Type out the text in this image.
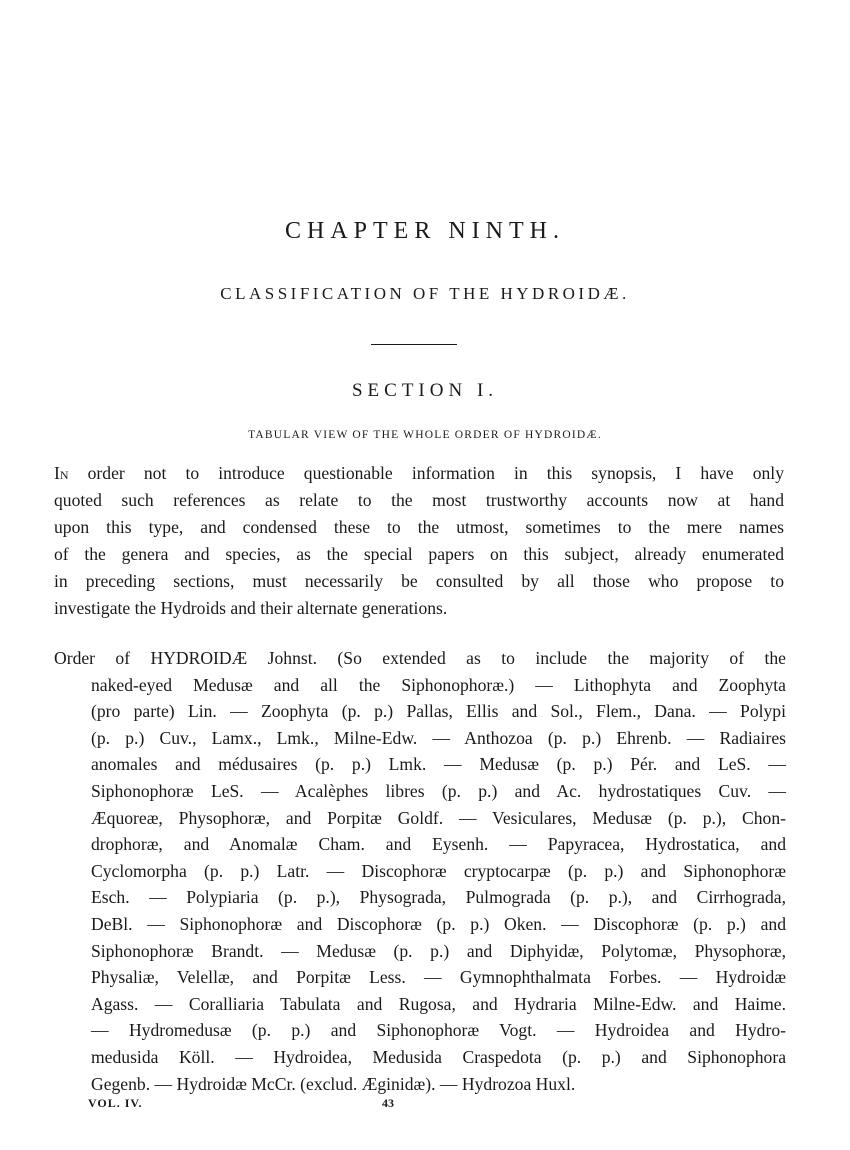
CHAPTER NINTH.
CLASSIFICATION OF THE HYDROIDÆ.
SECTION I.
TABULAR VIEW OF THE WHOLE ORDER OF HYDROIDÆ.
In order not to introduce questionable information in this synopsis, I have only
quoted such references as relate to the most trustworthy accounts now at hand
upon this type, and condensed these to the utmost, sometimes to the mere names
of the genera and species, as the special papers on this subject, already enumerated
in preceding sections, must necessarily be consulted by all those who propose to
investigate the Hydroids and their alternate generations.
Order of HYDROIDÆ Johnst. (So extended as to include the majority of the
naked-eyed Medusæ and all the Siphonophoræ.) — Lithophyta and Zoophyta
(pro parte) Lin. — Zoophyta (p. p.) Pallas, Ellis and Sol., Flem., Dana. — Polypi
(p. p.) Cuv., Lamx., Lmk., Milne-Edw. — Anthozoa (p. p.) Ehrenb. — Radiaires
anomales and médusaires (p. p.) Lmk. — Medusæ (p. p.) Pér. and LeS. —
Siphonophoræ LeS. — Acalèphes libres (p. p.) and Ac. hydrostatiques Cuv. —
Æquoreæ, Physophoræ, and Porpitæ Goldf. — Vesiculares, Medusæ (p. p.), Chon-
drophoræ, and Anomalæ Cham. and Eysenh. — Papyracea, Hydrostatica, and
Cyclomorpha (p. p.) Latr. — Discophoræ cryptocarpæ (p. p.) and Siphonophoræ
Esch. — Polypiaria (p. p.), Physograda, Pulmograda (p. p.), and Cirrhograda,
DeBl. — Siphonophoræ and Discophoræ (p. p.) Oken. — Discophoræ (p. p.) and
Siphonophoræ Brandt. — Medusæ (p. p.) and Diphyidæ, Polytomæ, Physophoræ,
Physaliæ, Velellæ, and Porpitæ Less. — Gymnophthalmata Forbes. — Hydroidæ
Agass. — Coralliaria Tabulata and Rugosa, and Hydraria Milne-Edw. and Haime.
— Hydromedusæ (p. p.) and Siphonophoræ Vogt. — Hydroidea and Hydro-
medusida Köll. — Hydroidea, Medusida Craspedota (p. p.) and Siphonophora
Gegenb. — Hydroidæ McCr. (exclud. Æginidæ). — Hydrozoa Huxl.
VOL. IV.	43
